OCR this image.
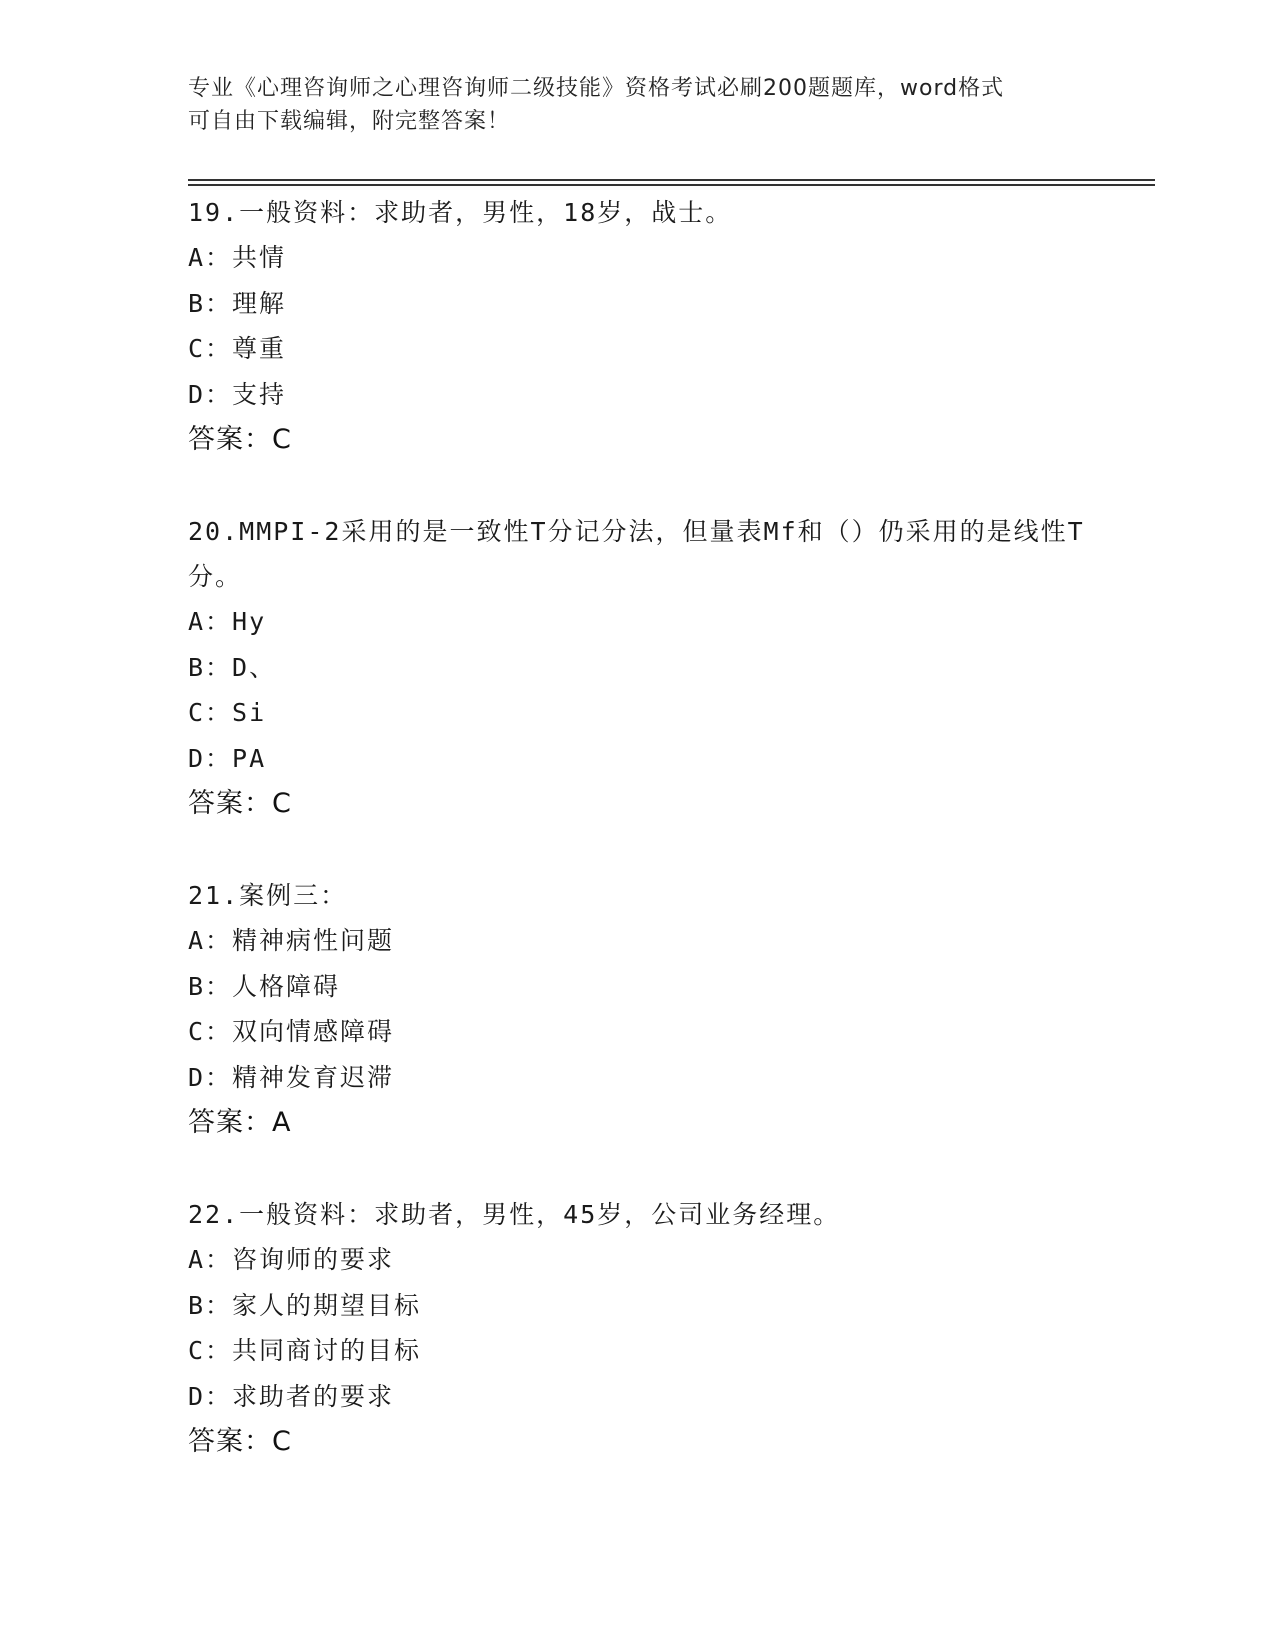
专业《心理咨询师之心理咨询师二级技能》资格考试必刷200题题库，word格式
可自由下载编辑，附完整答案！
19.一般资料：求助者，男性，18岁，战士。
A：共情
B：理解
C：尊重
D：支持
答案：C
20.MMPI-2采用的是一致性T分记分法，但量表Mf和（）仍采用的是线性T分。
A：Hy
B：D、
C：Si
D：PA
答案：C
21.案例三：
A：精神病性问题
B：人格障碍
C：双向情感障碍
D：精神发育迟滞
答案：A
22.一般资料：求助者，男性，45岁，公司业务经理。
A：咨询师的要求
B：家人的期望目标
C：共同商讨的目标
D：求助者的要求
答案：C
